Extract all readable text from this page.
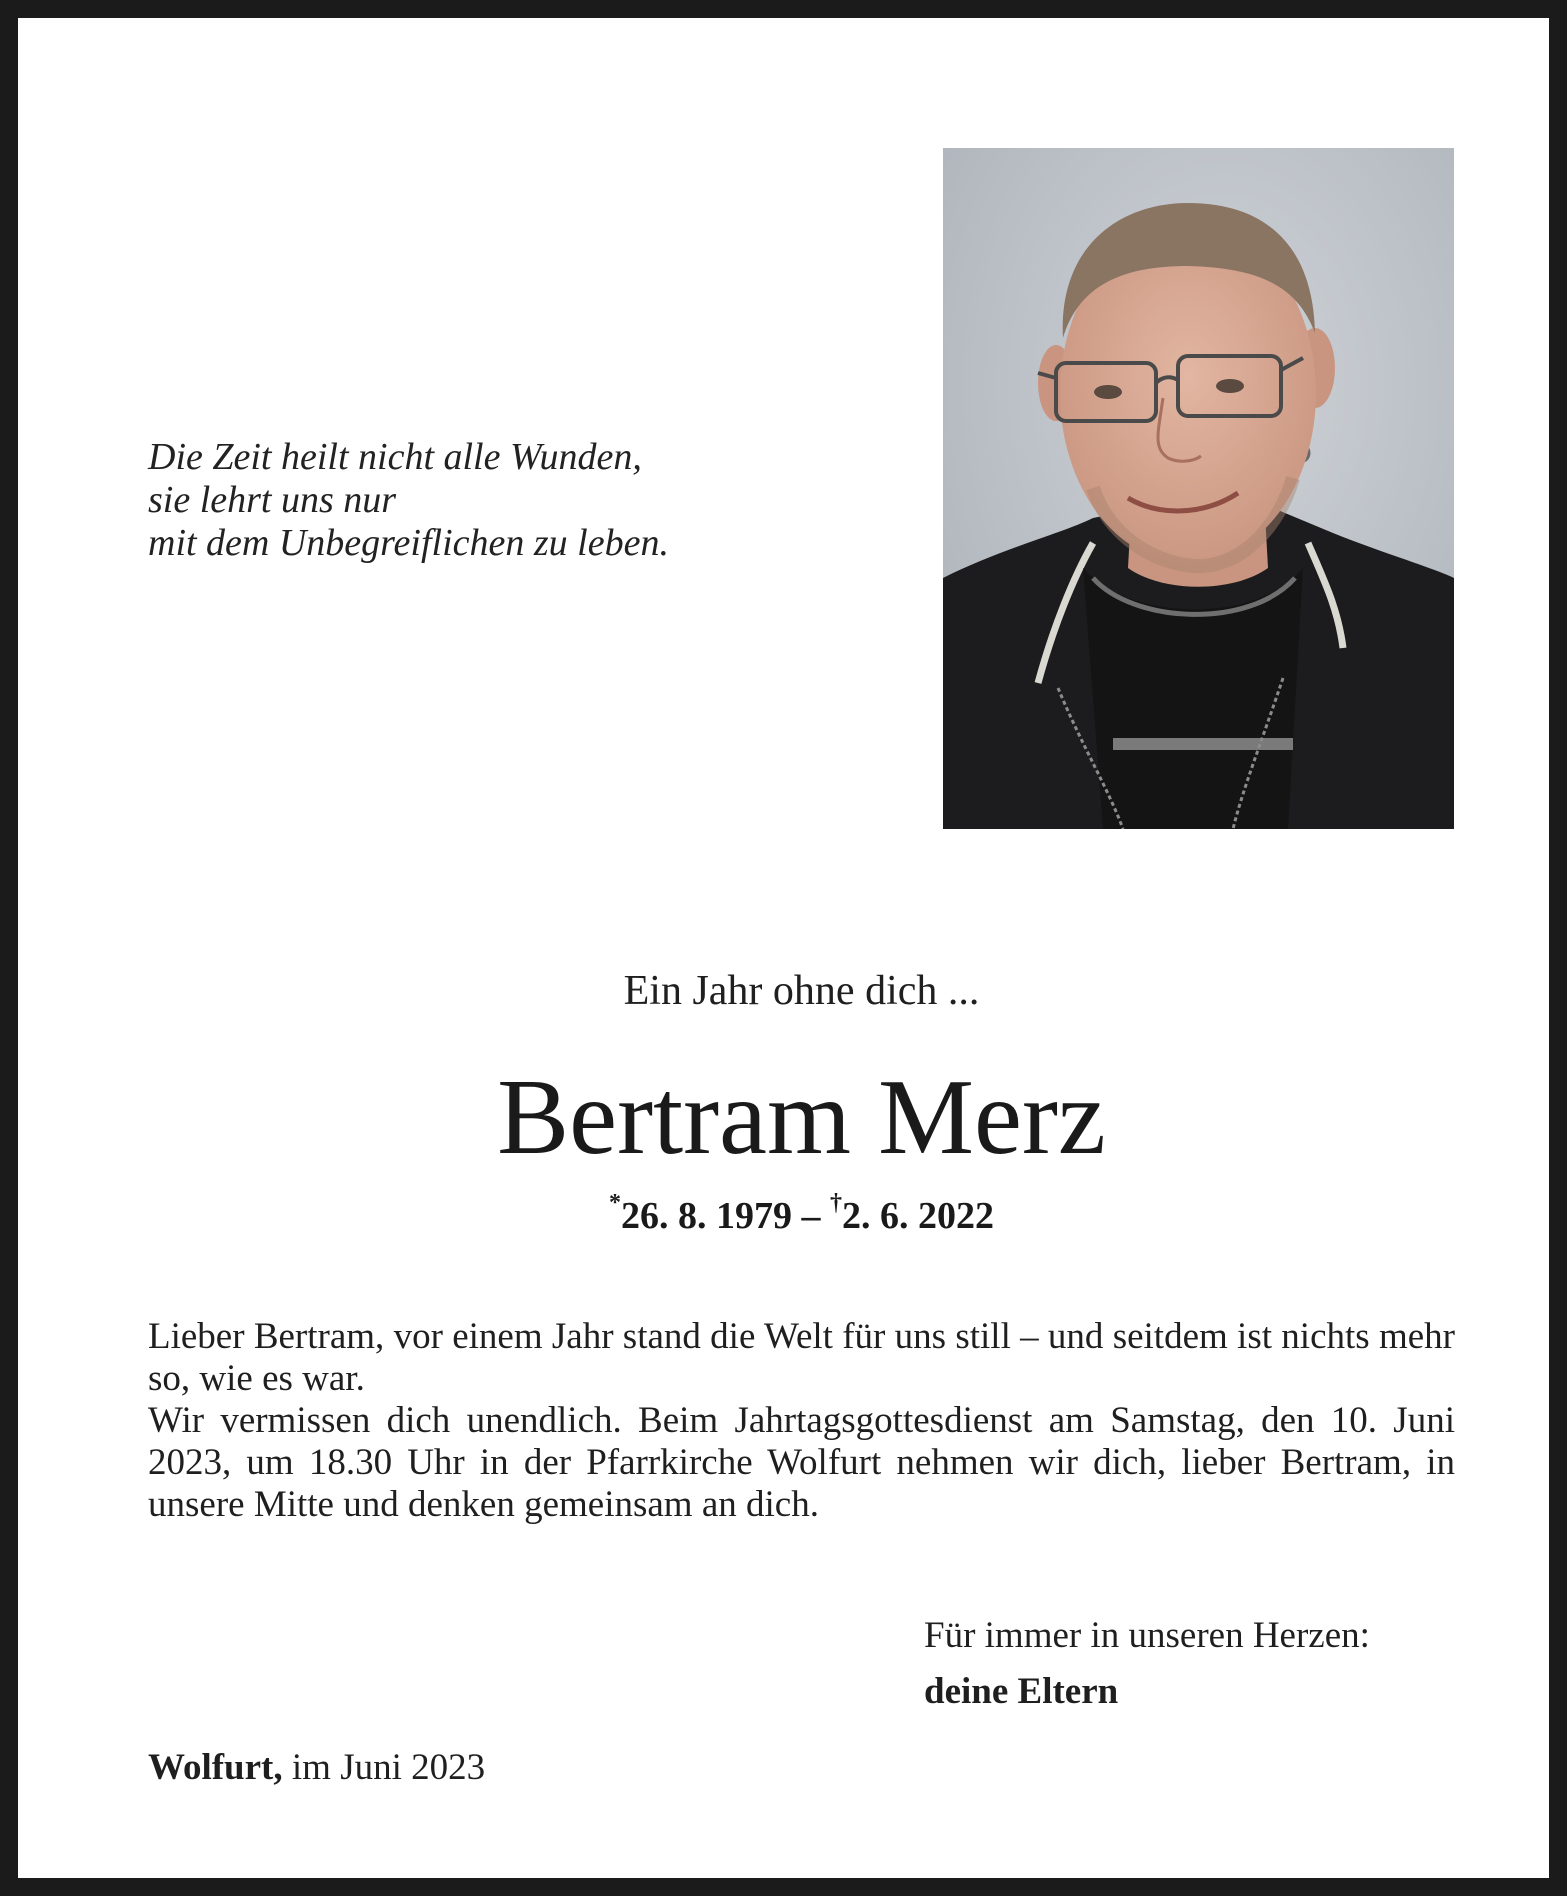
Die Zeit heilt nicht alle Wunden,
sie lehrt uns nur
mit dem Unbegreiflichen zu leben.
Ein Jahr ohne dich ...
Bertram Merz
*26. 8. 1979 – †2. 6. 2022

Lieber Bertram, vor einem Jahr stand die Welt für uns still – und seitdem ist nichts mehr so, wie es war.

Wir vermissen dich unendlich. Beim Jahrtagsgottesdienst am Samstag, den 10. Juni 2023, um 18.30 Uhr in der Pfarrkirche Wolfurt nehmen wir dich, lieber Bertram, in unsere Mitte und denken gemeinsam an dich.

Für immer in unseren Herzen:
deine Eltern
Wolfurt, im Juni 2023
